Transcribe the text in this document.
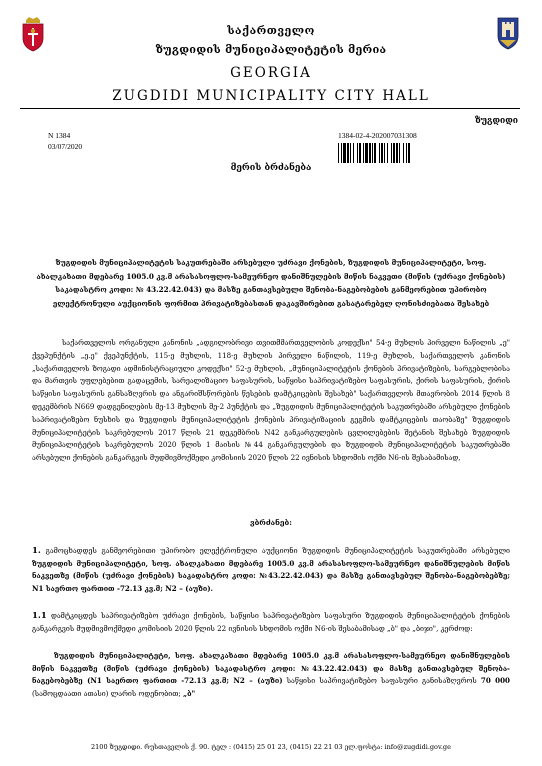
საქართველო
ზუგდიდის მუნიციპალიტეტის მერია
GEORGIA
ZUGDIDI MUNICIPALITY CITY HALL
ზუგდიდი
N 1384
03/07/2020
1384-02-4-202007031308
მერის ბრძანება
ზუგდიდის მუნიციპალიტეტის საკუთრებაში არსებული უძრავი ქონების, ზუგდიდის მუნიციპალიტეტი, სოფ. ახალკახათი მდებარე 1005.0 კვ.მ არასასოფლო-სამეურნეო დანიშნულების მიწის ნაკვეთი (მიწის (უძრავი ქონების) საკადასტრო კოდი: № 43.22.42.043) და მასზე განთავსებული შენობა-ნაგებობების განმეორებით უპირობო ელექტრონული აუქციონის ფორმით პრივატიზებასთან დაკავშირებით გასატარებელ ღონისძიებათა შესახებ
საქართველოს ორგანული კანონის „ადგილობრივი თვითმმართველობის კოდექსი" 54-ე მუხლის პირველი ნაწილის „ე" ქვეპუნქტის „ე.ე" ქვეპუნქტის, 115-ე მუხლის, 118-ე მუხლის პირველი ნაწილის, 119-ე მუხლის, საქართველოს კანონის „საქართველოს ზოგადი ადმინისტრაციული კოდექსი" 52-ე მუხლის, „მუნიციპალიტეტის ქონების პრივატიზების, სარგებლობისა და მართვის უფლებებით გადაცემის, სარეალიზაციო საფასურის, საწყისი საპრივატიზებო საფასურის, ქირის საფასურის, ქირის საწყისი საფასურის განსაზღვრის და ანგარიშსწორების წესების დამტკიცების შესახებ" საქართველოს მთავრობის 2014 წლის 8 დეკემბრის N669 დადგენილების მე-13 მუხლის მე-2 პუნქტის და „ზუგდიდის მუნიციპალიტეტის საკუთრებაში არსებული ქონების საპრივატიზებო ნუსხის და ზუგდიდის მუნიციპალიტეტის ქონების პრივატიზაციის გეგმის დამტკიცების თაობაზე" ზუგდიდის მუნიციპალიტეტის საკრებულოს 2017 წლის 21 დეკემბრის N42 განკარგულების ცვლილებების შეტანის შესახებ ზუგდიდის მუნიციპალიტეტის საკრებულოს 2020 წლის 1 მაისის №44 განკარგულების და ზუგდიდის მუნიციპალიტეტის საკუთრებაში არსებული ქონების განკარგვის მუდმივმოქმედი კომისიის 2020 წლის 22 ივნისის სხდომის ოქმი N6-ის შესაბამისად,
ვბრძანებ:
1. გამოცხადდეს განმეორებითი უპირობო ელექტრონული აუქციონი ზუგდიდის მუნიციპალიტეტის საკუთრებაში არსებული ზუგდიდის მუნიციპალიტეტი, სოფ. ახალკახათი მდებარე 1005.0 კვ.მ არასასოფლო-სამეურნეო დანიშნულების მიწის ნაკვეთზე (მიწის (უძრავი ქონების) საკადასტრო კოდი: №43.22.42.043) და მასზე განთავსებულ შენობა-ნაგებობებზე; N1 საერთო ფართით -72.13 კვ.მ; N2 – (აუზი).
1.1 დამტკიცდეს საპრივატიზებო უძრავი ქონების, საწყისი საპრივატიზებო საფასური ზუგდიდის მუნიციპალიტეტის ქონების განკარგვის მუდმივმოქმედი კომისიის 2020 წლის 22 ივნისის სხდომის ოქმი N6-ის შესაბამისად „ბ" და „ბიჯი", კერძოდ:
ზუგდიდის მუნიციპალიტეტი, სოფ. ახალკახათი მდებარე 1005.0 კვ.მ არასასოფლო-სამეურნეო დანიშნულების მიწის ნაკვეთზე (მიწის (უძრავი ქონების) საკადასტრო კოდი: №43.22.42.043) და მასზე განთავსებულ შენობა-ნაგებობებზე (N1 საერთო ფართით -72.13 კვ.მ; N2 – (აუზი) საწყისი საპრივატიზებო საფასური განისაზღვროს 70 000 (სამოცდაათი ათასი) ლარის ოდენობით; „ბ"
2100 ზუგდიდი. რუსთაველის ქ. 90. ტელ : (0415) 25 01 23, (0415) 22 21 03 ელ.ფოსტა: info@zugdidi.gov.ge
